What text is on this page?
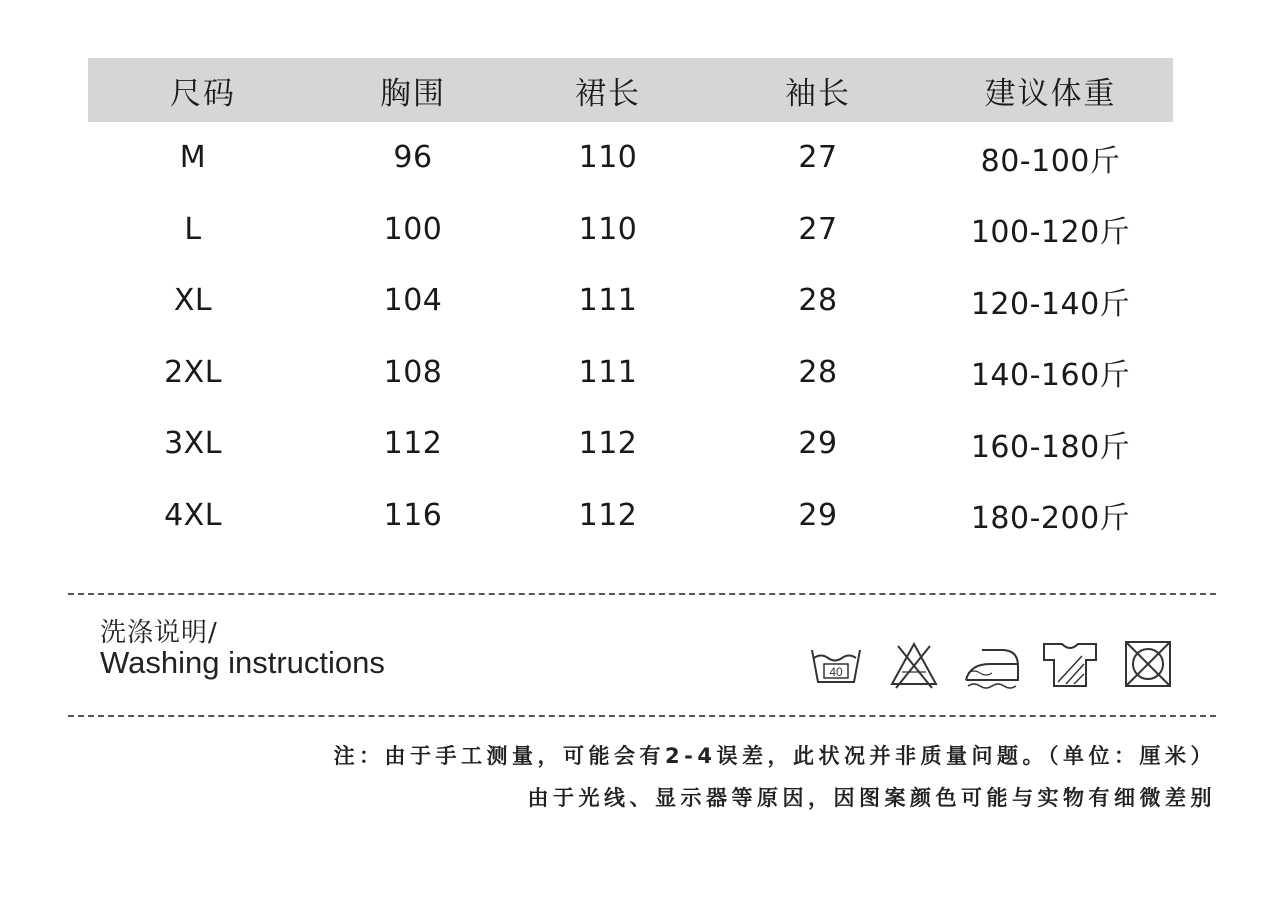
尺码	胸围	裙长	袖长	建议体重
M	96	110	27	80-100斤
L	100	110	27	100-120斤
XL	104	111	28	120-140斤
2XL	108	111	28	140-160斤
3XL	112	112	29	160-180斤
4XL	116	112	29	180-200斤
洗涤说明/
Washing instructions	40
注：由于手工测量，可能会有2-4误差，此状况并非质量问题。（单位：厘米）
由于光线、显示器等原因，因图案颜色可能与实物有细微差别
